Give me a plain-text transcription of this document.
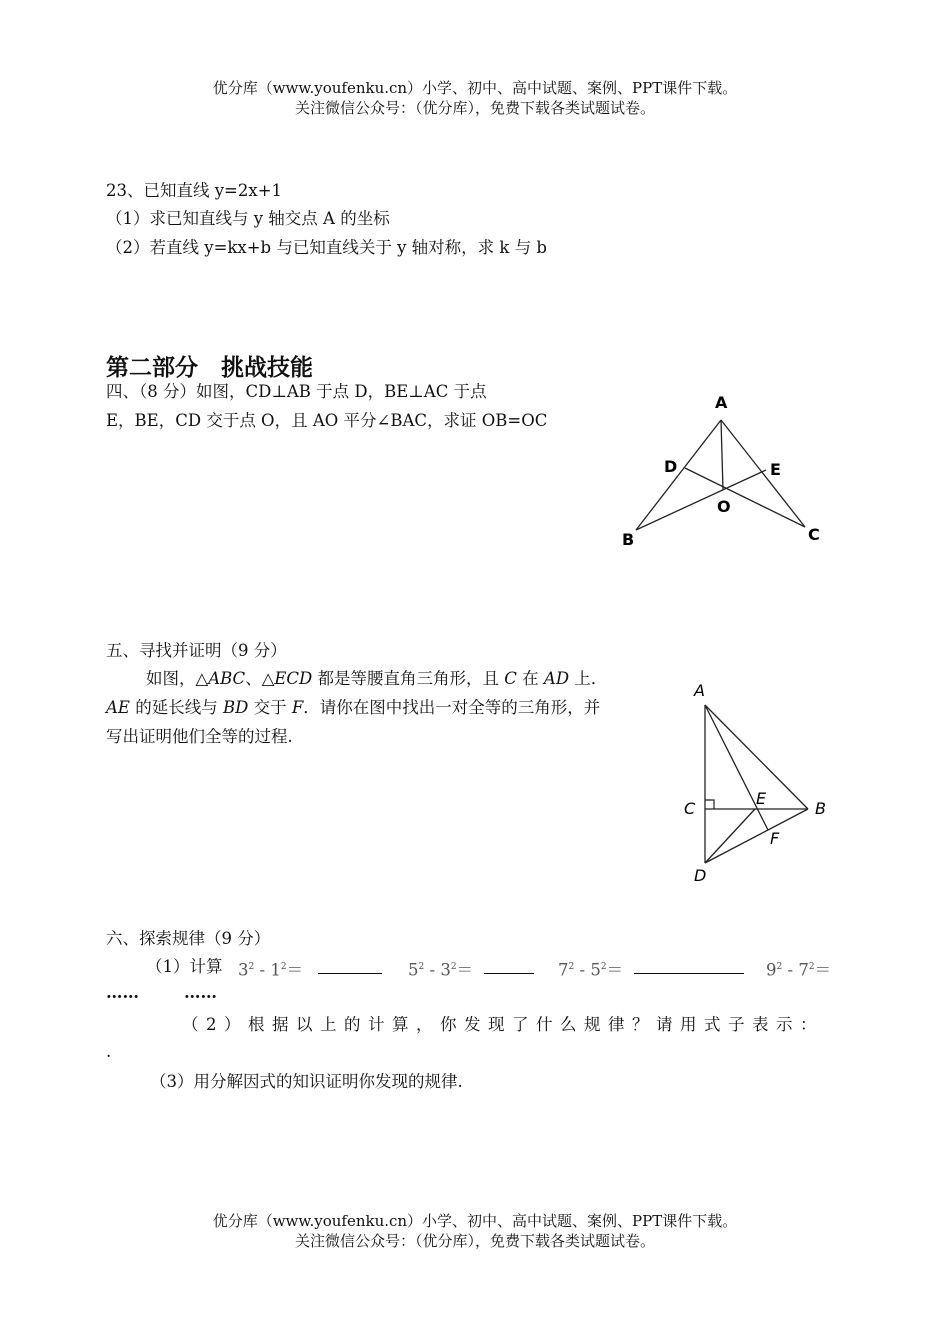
优分库（www.youfenku.cn）小学、初中、高中试题、案例、PPT课件下载。
关注微信公众号：（优分库），免费下载各类试题试卷。
23、已知直线 y=2x+1
（1）求已知直线与 y 轴交点 A 的坐标
（2）若直线 y=kx+b 与已知直线关于 y 轴对称，求 k 与 b
第二部分　挑战技能
四、（8 分）如图，CD⊥AB 于点 D，BE⊥AC 于点
E，BE，CD 交于点 O，且 AO 平分∠BAC，求证 OB=OC
A
D	E
O
B	C
五、寻找并证明（9 分）
如图，△ABC、△ECD 都是等腰直角三角形，且 C 在 AD 上．
AE 的延长线与 BD 交于 F．请你在图中找出一对全等的三角形，并
写出证明他们全等的过程.
A
C
E
B
F
D
六、探索规律（9 分）
（1）计算 $3^2 - 1^2=$	$5^2 - 3^2=$	$7^2 - 5^2=$	$9^2 - 7^2=$
……	……
（2）根据以上的计算，你发现了什么规律？请用式子表示：
.
（3）用分解因式的知识证明你发现的规律.
优分库（www.youfenku.cn）小学、初中、高中试题、案例、PPT课件下载。
关注微信公众号：（优分库），免费下载各类试题试卷。
